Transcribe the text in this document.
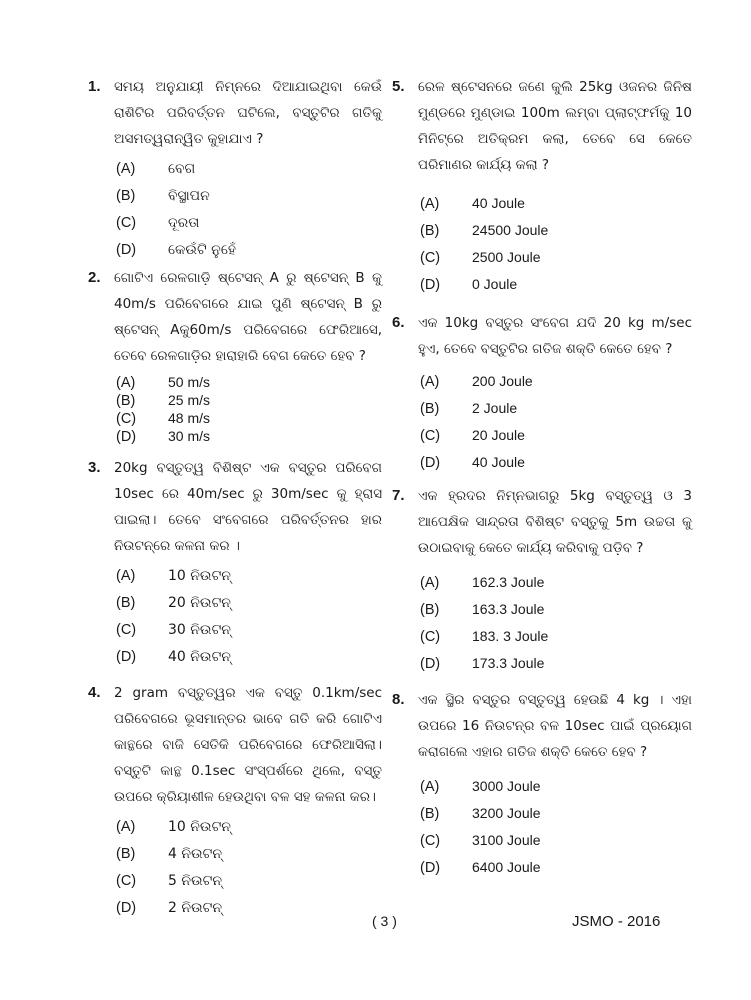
1. ସମୟ ଅନୁଯାୟୀ ନିମ୍ନରେ ଦିଆଯାଇଥିବା କେଉଁ ରାଶିଟିର ପରିବର୍ତ୍ତନ ଘଟିଲେ, ବସ୍ତୁଟିର ଗତିକୁ ଅସମତ୍ୱରାନ୍ୱିତ କୁହାଯାଏ ?
(A)	ବେଗ
(B)	ବିସ୍ଥାପନ
(C)	ଦୂରତା
(D)	କେଉଁଟି ନୁହେଁ
2. ଗୋଟିଏ ରେଳଗାଡ଼ି ଷ୍ଟେସନ୍ A ରୁ ଷ୍ଟେସନ୍ B କୁ 40m/s ପରିବେଗରେ ଯାଇ ପୁଣି ଷ୍ଟେସନ୍ B ରୁ ଷ୍ଟେସନ୍ Aକୁ60m/s ପରିବେଗରେ ଫେରିଆସେ, ତେବେ ରେଳଗାଡ଼ିର ହାରାହାରି ବେଗ କେତେ ହେବ ?
(A)	50 m/s
(B)	25 m/s
(C)	48 m/s
(D)	30 m/s
3. 20kg ବସ୍ତୁତ୍ୱ ବିଶିଷ୍ଟ ଏକ ବସ୍ତୁର ପରିବେଗ 10sec ରେ 40m/sec ରୁ 30m/sec କୁ ହ୍ରାସ ପାଇଲା। ତେବେ ସଂବେଗରେ ପରିବର୍ତ୍ତନର ହାର ନିଉଟନ୍‌ରେ କଳନା କର ।
(A)	10 ନିଉଟନ୍
(B)	20 ନିଉଟନ୍
(C)	30 ନିଉଟନ୍
(D)	40 ନିଉଟନ୍
4. 2 gram ବସ୍ତୁତ୍ୱର ଏକ ବସ୍ତୁ 0.1km/sec ପରିବେଗରେ ଭୂସମାନ୍ତର ଭାବେ ଗତି କରି ଗୋଟିଏ କାନ୍ଥରେ ବାଜି ସେତିକି ପରିବେଗରେ ଫେରିଆସିଲା। ବସ୍ତୁଟି କାନ୍ଥ 0.1sec ସଂସ୍ପର୍ଶରେ ଥିଲେ, ବସ୍ତୁ ଉପରେ କ୍ରିୟାଶୀଳ ହେଉଥିବା ବଳ ସହ କଳନା କର।
(A)	10 ନିଉଟନ୍
(B)	4 ନିଉଟନ୍
(C)	5 ନିଉଟନ୍
(D)	2 ନିଉଟନ୍
5. ରେଳ ଷ୍ଟେସନରେ ଜଣେ କୁଲି 25kg ଓଜନର ଜିନିଷ ମୁଣ୍ଡରେ ମୁଣ୍ଡାଇ 100m ଲମ୍ବା ପ୍ଲାଟ୍‌ଫର୍ମକୁ 10 ମିନିଟ୍‌ରେ ଅତିକ୍ରମ କଲା, ତେବେ ସେ କେତେ ପରିମାଣର କାର୍ଯ୍ୟ କଲା ?
(A)	40 Joule
(B)	24500 Joule
(C)	2500 Joule
(D)	0 Joule
6. ଏକ 10kg ବସ୍ତୁର ସଂବେଗ ଯଦି 20 kg m/sec ହୁଏ, ତେବେ ବସ୍ତୁଟିର ଗତିଜ ଶକ୍ତି କେତେ ହେବ ?
(A)	200 Joule
(B)	2 Joule
(C)	20 Joule
(D)	40 Joule
7. ଏକ ହ୍ରଦର ନିମ୍ନଭାଗରୁ 5kg ବସ୍ତୁତ୍ୱ ଓ 3 ଆପେକ୍ଷିକ ସାନ୍ଦ୍ରତା ବିଶିଷ୍ଟ ବସ୍ତୁକୁ 5m ଉଚ୍ଚତା କୁ ଉଠାଇବାକୁ କେତେ କାର୍ଯ୍ୟ କରିବାକୁ ପଡ଼ିବ ?
(A)	162.3 Joule
(B)	163.3 Joule
(C)	183. 3 Joule
(D)	173.3 Joule
8. ଏକ ସ୍ଥିର ବସ୍ତୁର ବସ୍ତୁତ୍ୱ ହେଉଛି 4 kg । ଏହା ଉପରେ 16 ନିଉଟନ୍‌ର ବଳ 10sec ପାଇଁ ପ୍ରୟୋଗ କରାଗଲେ ଏହାର ଗତିଜ ଶକ୍ତି କେତେ ହେବ ?
(A)	3000 Joule
(B)	3200 Joule
(C)	3100 Joule
(D)	6400 Joule
( 3 )	JSMO - 2016
